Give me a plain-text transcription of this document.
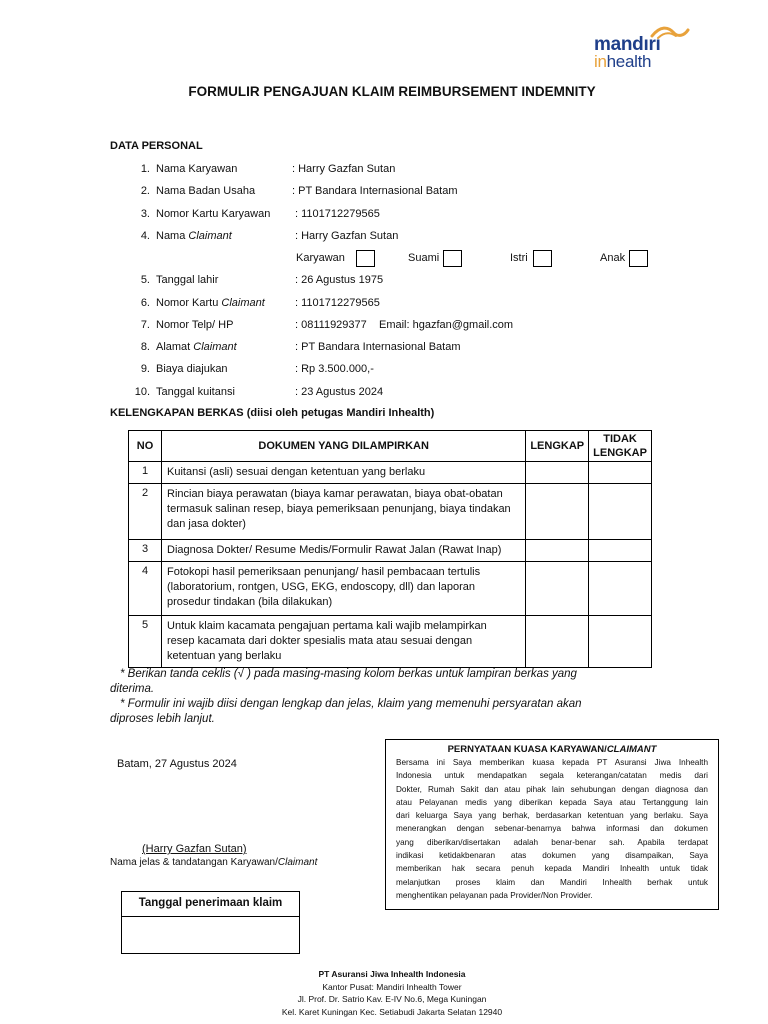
mandırı
inhealth
FORMULIR PENGAJUAN KLAIM REIMBURSEMENT INDEMNITY
DATA PERSONAL
1. Nama Karyawan	: Harry Gazfan Sutan
2. Nama Badan Usaha	: PT Bandara Internasional Batam
3. Nomor Kartu Karyawan : 1101712279565
4. Nama Claimant	: Harry Gazfan Sutan
5. Tanggal lahir	: 26 Agustus 1975
6. Nomor Kartu Claimant	: 1101712279565
7. Nomor Telp/ HP	: 08111929377    Email: hgazfan@gmail.com
8. Alamat Claimant	: PT Bandara Internasional Batam
9. Biaya diajukan	: Rp 3.500.000,-
10. Tanggal kuitansi	: 23 Agustus 2024
Karyawan	Suami	Istri	Anak
KELENGKAPAN BERKAS (diisi oleh petugas Mandiri Inhealth)
NO	DOKUMEN YANG DILAMPIRKAN	LENGKAP	TIDAK
LENGKAP
1	Kuitansi (asli) sesuai dengan ketentuan yang berlaku		

2	Rincian biaya perawatan (biaya kamar perawatan, biaya obat-obatan
termasuk salinan resep, biaya pemeriksaan penunjang, biaya tindakan
dan jasa dokter)		

3	Diagnosa Dokter/ Resume Medis/Formulir Rawat Jalan (Rawat Inap)		

4	Fotokopi hasil pemeriksaan penunjang/ hasil pembacaan tertulis
(laboratorium, rontgen, USG, EKG, endoscopy, dll) dan laporan
prosedur tindakan (bila dilakukan)		

5	Untuk klaim kacamata pengajuan pertama kali wajib melampirkan
resep kacamata dari dokter spesialis mata atau sesuai dengan
ketentuan yang berlaku		

* Berikan tanda ceklis (√ ) pada masing-masing kolom berkas untuk lampiran berkas yang
diterima.
* Formulir ini wajib diisi dengan lengkap dan jelas, klaim yang memenuhi persyaratan akan
diproses lebih lanjut.
Batam, 27 Agustus 2024
(Harry Gazfan Sutan)
Nama jelas & tandatangan Karyawan/Claimant
PERNYATAAN KUASA KARYAWAN/CLAIMANT
Bersama ini Saya memberikan kuasa kepada PT Asuransi Jiwa Inhealth
Indonesia untuk mendapatkan segala keterangan/catatan medis dari
Dokter, Rumah Sakit dan atau pihak lain sehubungan dengan diagnosa dan
atau Pelayanan medis yang diberikan kepada Saya atau Tertanggung lain
dari keluarga Saya yang berhak, berdasarkan ketentuan yang berlaku. Saya
menerangkan dengan sebenar-benarnya bahwa informasi dan dokumen
yang diberikan/disertakan adalah benar-benar sah. Apabila terdapat
indikasi ketidakbenaran atas dokumen yang disampaikan, Saya
memberikan hak secara penuh kepada Mandiri Inhealth untuk tidak
melanjutkan proses klaim dan Mandiri Inhealth berhak untuk
menghentikan pelayanan pada Provider/Non Provider.
Tanggal penerimaan klaim
PT Asuransi Jiwa Inhealth Indonesia
Kantor Pusat: Mandiri Inhealth Tower
Jl. Prof. Dr. Satrio Kav. E-IV No.6, Mega Kuningan
Kel. Karet Kuningan Kec. Setiabudi Jakarta Selatan 12940
